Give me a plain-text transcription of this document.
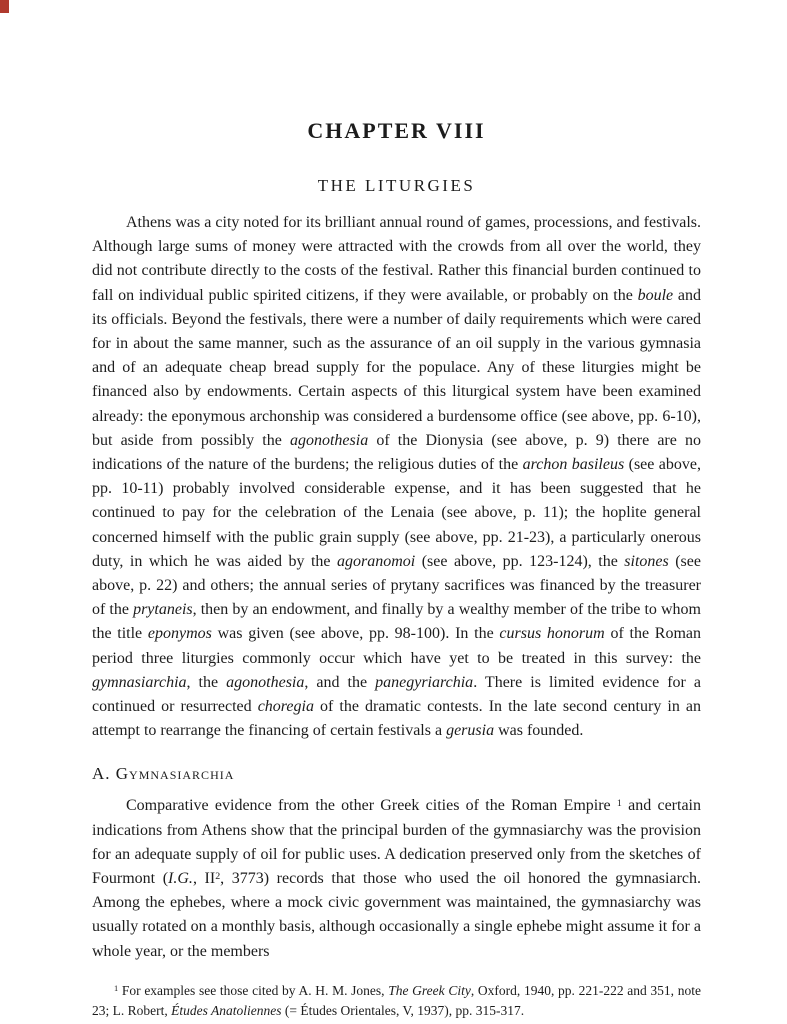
CHAPTER VIII
THE LITURGIES

Athens was a city noted for its brilliant annual round of games, processions, and festivals. Although large sums of money were attracted with the crowds from all over the world, they did not contribute directly to the costs of the festival. Rather this financial burden continued to fall on individual public spirited citizens, if they were available, or probably on the boule and its officials. Beyond the festivals, there were a number of daily requirements which were cared for in about the same manner, such as the assurance of an oil supply in the various gymnasia and of an adequate cheap bread supply for the populace. Any of these liturgies might be financed also by endowments. Certain aspects of this liturgical system have been examined already: the eponymous archonship was considered a burdensome office (see above, pp. 6-10), but aside from possibly the agonothesia of the Dionysia (see above, p. 9) there are no indications of the nature of the burdens; the religious duties of the archon basileus (see above, pp. 10-11) probably involved considerable expense, and it has been suggested that he continued to pay for the celebration of the Lenaia (see above, p. 11); the hoplite general concerned himself with the public grain supply (see above, pp. 21-23), a particularly onerous duty, in which he was aided by the agoranomoi (see above, pp. 123-124), the sitones (see above, p. 22) and others; the annual series of prytany sacrifices was financed by the treasurer of the prytaneis, then by an endowment, and finally by a wealthy member of the tribe to whom the title eponymos was given (see above, pp. 98-100). In the cursus honorum of the Roman period three liturgies commonly occur which have yet to be treated in this survey: the gymnasiarchia, the agonothesia, and the panegyriarchia. There is limited evidence for a continued or resurrected choregia of the dramatic contests. In the late second century in an attempt to rearrange the financing of certain festivals a gerusia was founded.

A. Gymnasiarchia

Comparative evidence from the other Greek cities of the Roman Empire $^1$ and certain indications from Athens show that the principal burden of the gymnasiarchy was the provision for an adequate supply of oil for public uses. A dedication preserved only from the sketches of Fourmont (I.G., $II^2$, 3773) records that those who used the oil honored the gymnasiarch. Among the ephebes, where a mock civic government was maintained, the gymnasiarchy was usually rotated on a monthly basis, although occasionally a single ephebe might assume it for a whole year, or the members

$^1$ For examples see those cited by A. H. M. Jones, The Greek City, Oxford, 1940, pp. 221-222 and 351, note 23; L. Robert, Études Anatoliennes (= Études Orientales, V, 1937), pp. 315-317.
